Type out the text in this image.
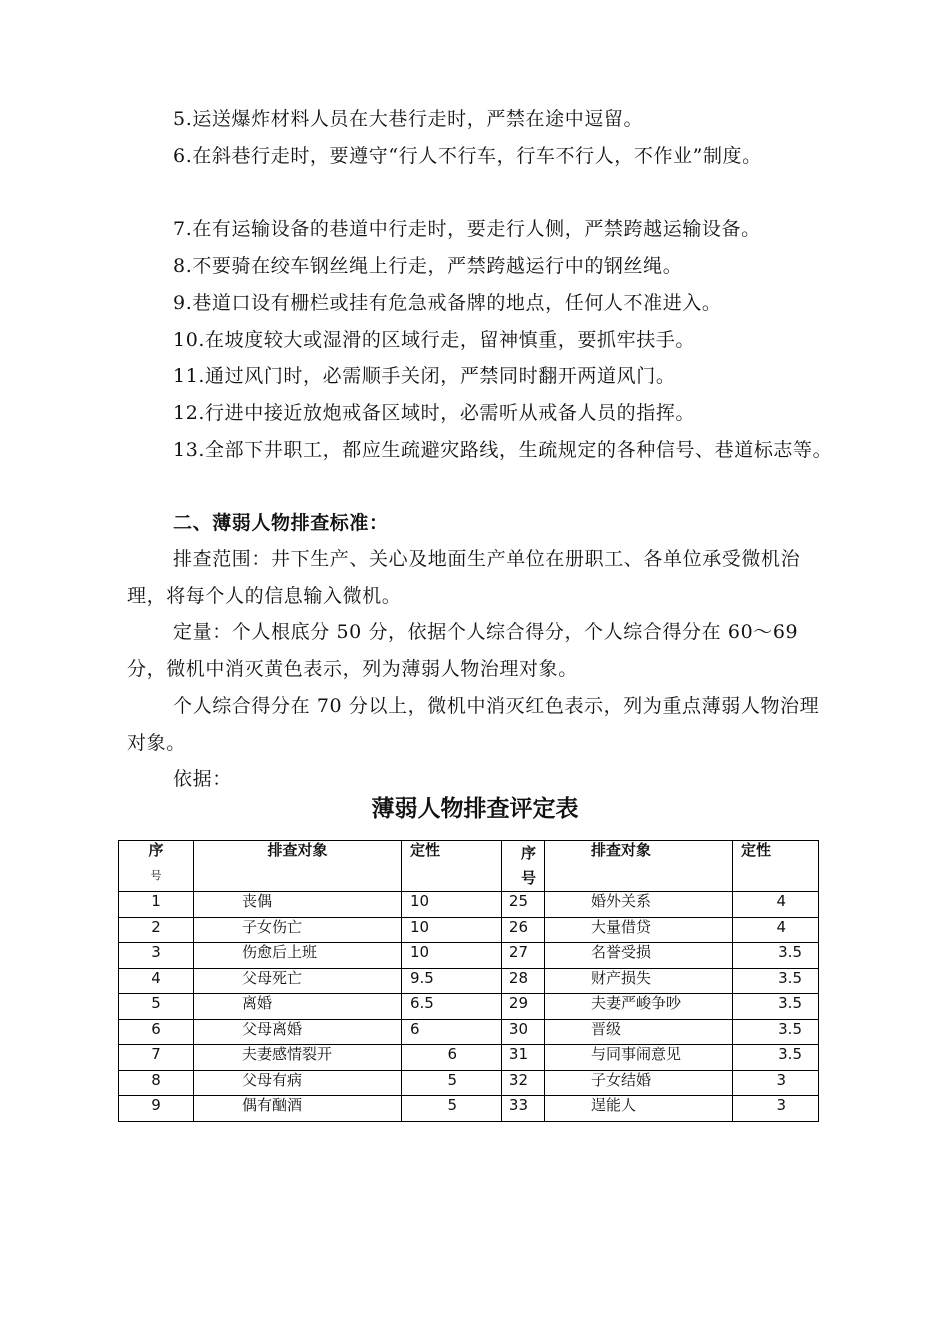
5.运送爆炸材料人员在大巷行走时，严禁在途中逗留。

6.在斜巷行走时，要遵守“行人不行车，行车不行人，不作业”制度。

7.在有运输设备的巷道中行走时，要走行人侧，严禁跨越运输设备。

8.不要骑在绞车钢丝绳上行走，严禁跨越运行中的钢丝绳。

9.巷道口设有栅栏或挂有危急戒备牌的地点，任何人不准进入。

10.在坡度较大或湿滑的区域行走，留神慎重，要抓牢扶手。

11.通过风门时，必需顺手关闭，严禁同时翻开两道风门。

12.行进中接近放炮戒备区域时，必需听从戒备人员的指挥。

13.全部下井职工，都应生疏避灾路线，生疏规定的各种信号、巷道标志等。

二、薄弱人物排查标准：

排查范围：井下生产、关心及地面生产单位在册职工、各单位承受微机治理，将每个人的信息输入微机。

定量：个人根底分 50 分，依据个人综合得分，个人综合得分在 60～69 分，微机中消灭黄色表示，列为薄弱人物治理对象。

个人综合得分在 70 分以上，微机中消灭红色表示，列为重点薄弱人物治理对象。

依据：

薄弱人物排查评定表
序
号	排查对象	定性	序号	排查对象	定性
1	丧偶	10	25	婚外关系	4
2	子女伤亡	10	26	大量借贷	4
3	伤愈后上班	10	27	名誉受损	3.5
4	父母死亡	9.5	28	财产损失	3.5
5	离婚	6.5	29	夫妻严峻争吵	3.5
6	父母离婚	6	30	晋级	3.5
7	夫妻感情裂开	6	31	与同事闹意见	3.5
8	父母有病	5	32	子女结婚	3
9	偶有酗酒	5	33	逞能人	3
